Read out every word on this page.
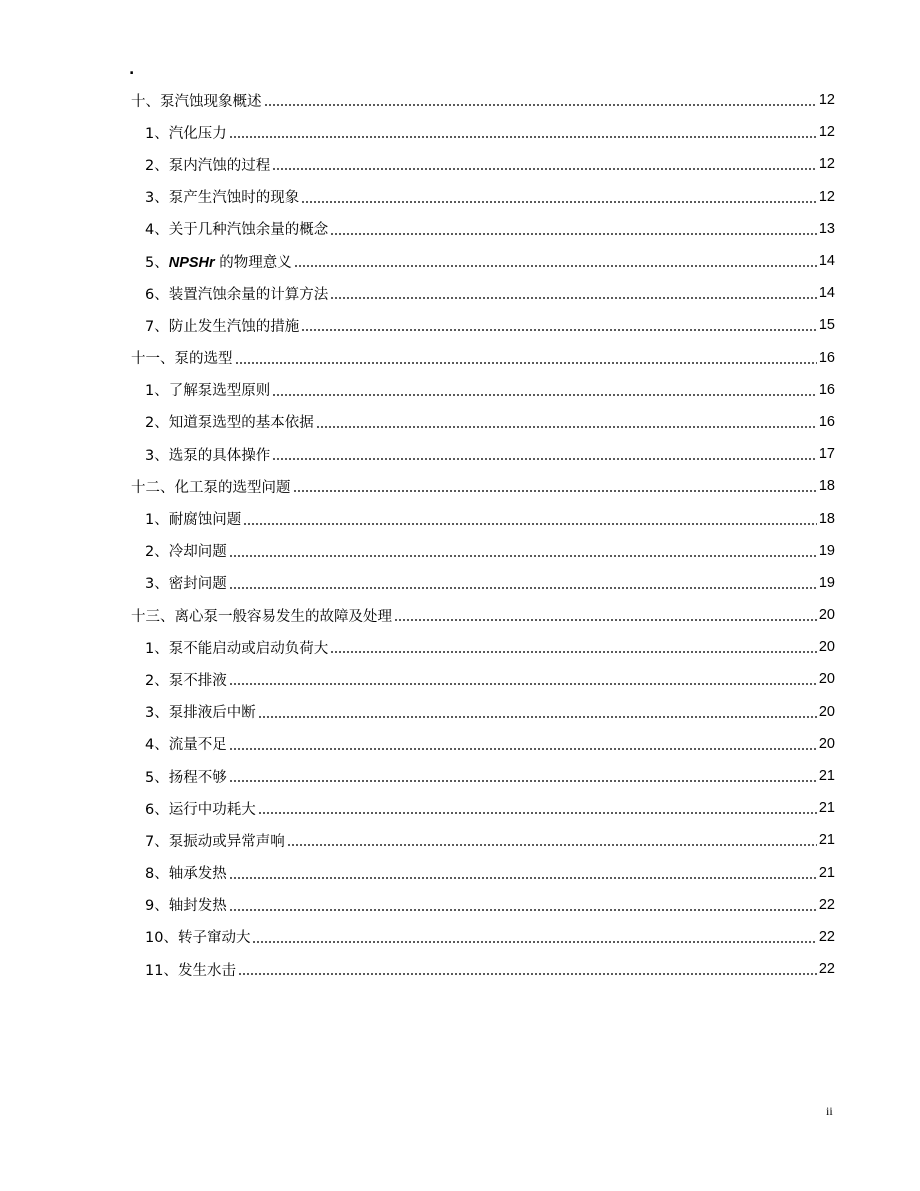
.
十、泵汽蚀现象概述	12
1、汽化压力	12
2、泵内汽蚀的过程	12
3、泵产生汽蚀时的现象	12
4、关于几种汽蚀余量的概念	13
5、NPSHr 的物理意义	14
6、装置汽蚀余量的计算方法	14
7、防止发生汽蚀的措施	15
十一、泵的选型	16
1、了解泵选型原则	16
2、知道泵选型的基本依据	16
3、选泵的具体操作	17
十二、化工泵的选型问题	18
1、耐腐蚀问题	18
2、冷却问题	19
3、密封问题	19
十三、离心泵一般容易发生的故障及处理	20
1、泵不能启动或启动负荷大	20
2、泵不排液	20
3、泵排液后中断	20
4、流量不足	20
5、扬程不够	21
6、运行中功耗大	21
7、泵振动或异常声响	21
8、轴承发热	21
9、轴封发热	22
10、转子窜动大	22
11、发生水击	22
ii
